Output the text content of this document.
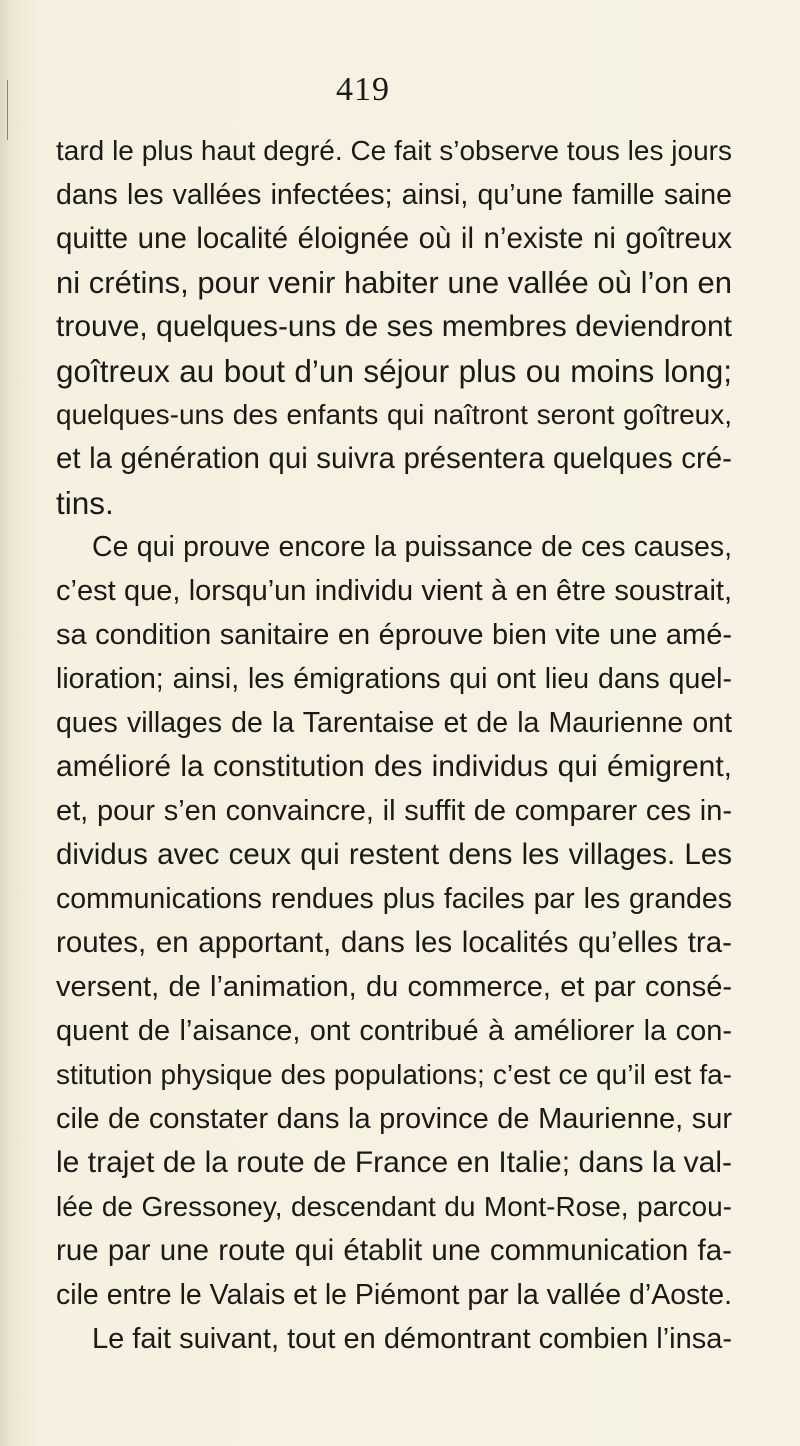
419
tard le plus haut degré. Ce fait s’observe tous les jours
dans les vallées infectées; ainsi, qu’une famille saine
quitte une localité éloignée où il n’existe ni goîtreux
ni crétins, pour venir habiter une vallée où l’on en
trouve, quelques-uns de ses membres deviendront
goîtreux au bout d’un séjour plus ou moins long;
quelques-uns des enfants qui naîtront seront goîtreux,
et la génération qui suivra présentera quelques cré-
tins.
Ce qui prouve encore la puissance de ces causes,
c’est que, lorsqu’un individu vient à en être soustrait,
sa condition sanitaire en éprouve bien vite une amé-
lioration; ainsi, les émigrations qui ont lieu dans quel-
ques villages de la Tarentaise et de la Maurienne ont
amélioré la constitution des individus qui émigrent,
et, pour s’en convaincre, il suffit de comparer ces in-
dividus avec ceux qui restent dens les villages. Les
communications rendues plus faciles par les grandes
routes, en apportant, dans les localités qu’elles tra-
versent, de l’animation, du commerce, et par consé-
quent de l’aisance, ont contribué à améliorer la con-
stitution physique des populations; c’est ce qu’il est fa-
cile de constater dans la province de Maurienne, sur
le trajet de la route de France en Italie; dans la val-
lée de Gressoney, descendant du Mont-Rose, parcou-
rue par une route qui établit une communication fa-
cile entre le Valais et le Piémont par la vallée d’Aoste.
Le fait suivant, tout en démontrant combien l’insa-
